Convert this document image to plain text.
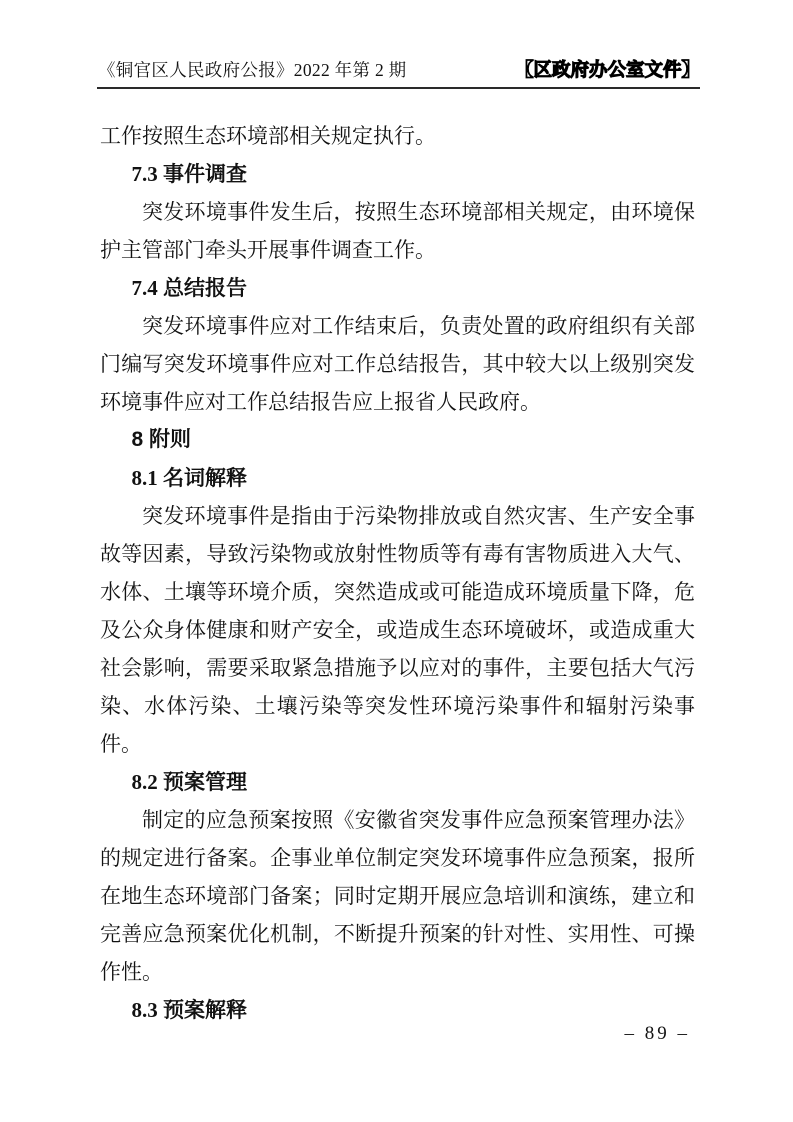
《铜官区人民政府公报》2022 年第 2 期	【区政府办公室文件】

工作按照生态环境部相关规定执行。

7.3 事件调查

突发环境事件发生后，按照生态环境部相关规定，由环境保护主管部门牵头开展事件调查工作。

7.4 总结报告

突发环境事件应对工作结束后，负责处置的政府组织有关部门编写突发环境事件应对工作总结报告，其中较大以上级别突发环境事件应对工作总结报告应上报省人民政府。

8 附则
8.1 名词解释

突发环境事件是指由于污染物排放或自然灾害、生产安全事故等因素，导致污染物或放射性物质等有毒有害物质进入大气、水体、土壤等环境介质，突然造成或可能造成环境质量下降，危及公众身体健康和财产安全，或造成生态环境破坏，或造成重大社会影响，需要采取紧急措施予以应对的事件，主要包括大气污染、水体污染、土壤污染等突发性环境污染事件和辐射污染事件。

8.2 预案管理

制定的应急预案按照《安徽省突发事件应急预案管理办法》的规定进行备案。企事业单位制定突发环境事件应急预案，报所在地生态环境部门备案；同时定期开展应急培训和演练，建立和完善应急预案优化机制，不断提升预案的针对性、实用性、可操作性。

8.3 预案解释
– 89 –
